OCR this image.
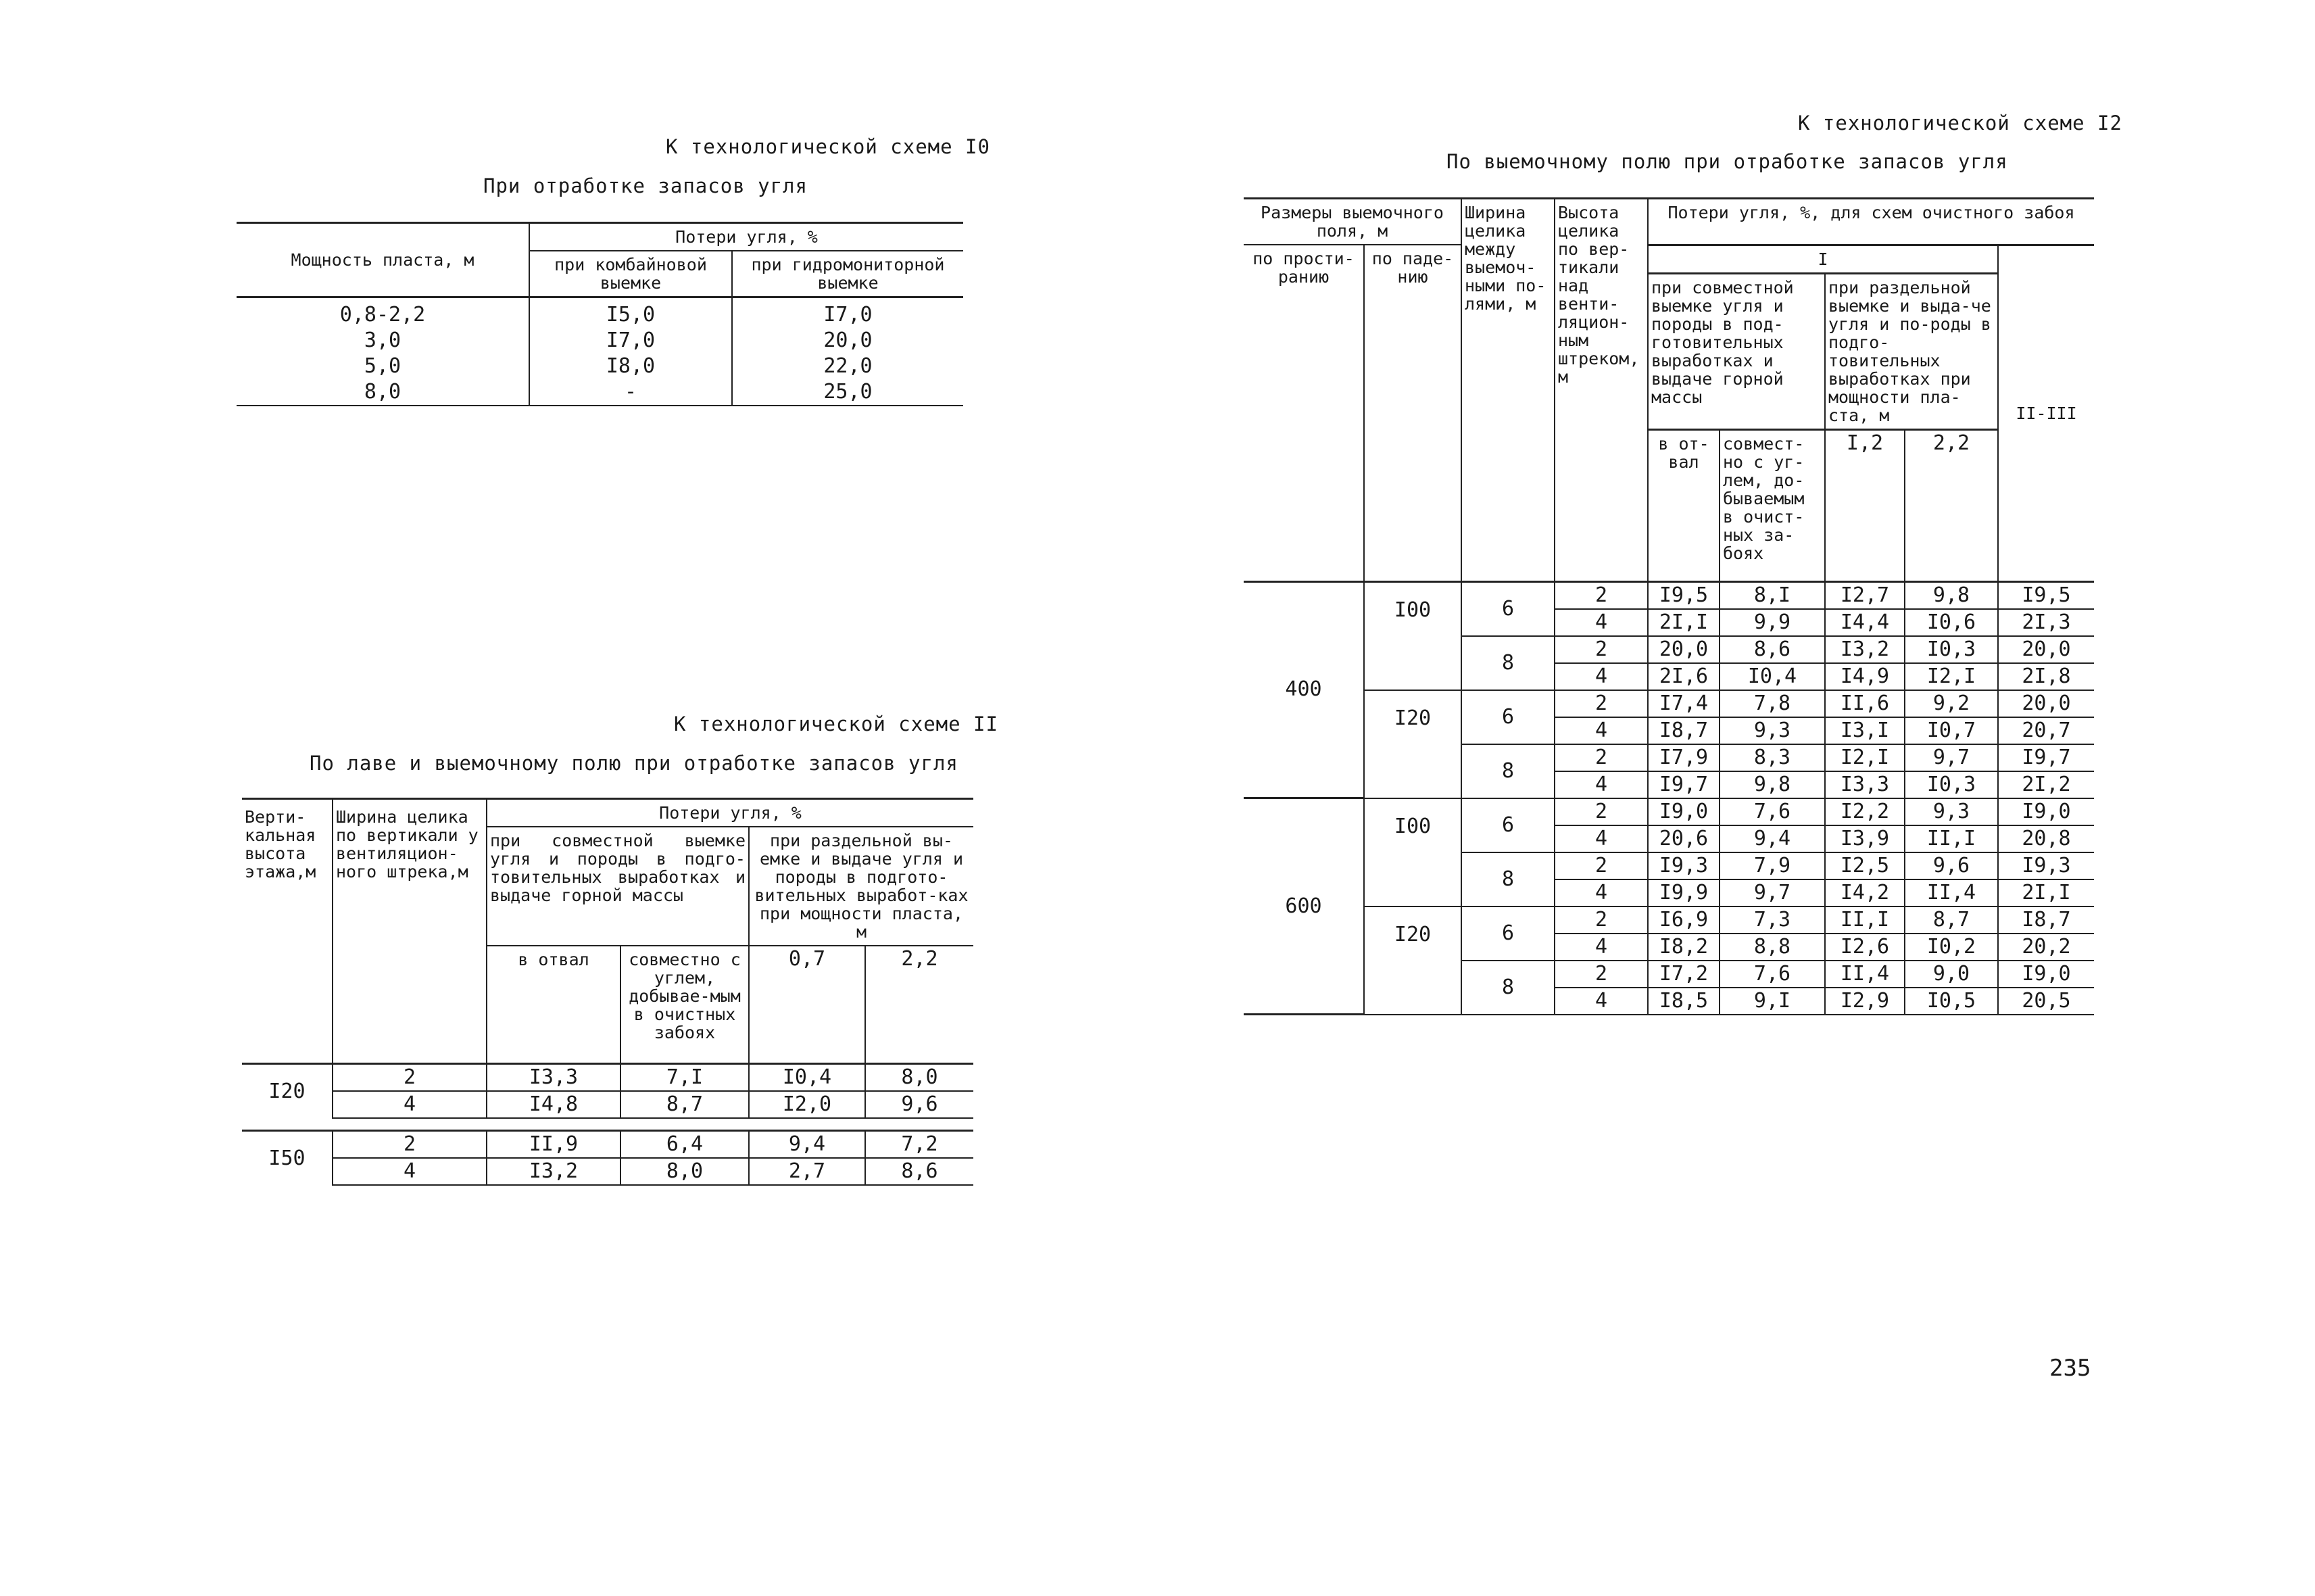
К технологической схеме I0
При отработке запасов угля
Мощность пласта, м	Потери угля, %	
	при комбайновой выемке	при гидромониторной выемке
0,8-2,2	I5,0	I7,0
3,0	I7,0	20,0
5,0	I8,0	22,0
8,0	-	25,0
К технологической схеме II
По лаве и выемочному полю при отработке запасов угля
Верти-кальная высота этажа,м	Ширина целика по вертикали у вентиляцион-ного штрека,м	Потери угля, %			
		при совместной выемке угля и породы в подго-товительных выработках и выдаче горной массы		при раздельной вы-емке и выдаче угля и породы в подгото-вительных выработ-ках при мощности пласта, м	
		в отвал	совместно с углем, добывае-мым в очистных забоях	0,7	2,2
I20	2	I3,3	7,I	I0,4	8,0
	4	I4,8	8,7	I2,0	9,6

I50	2	II,9	6,4	9,4	7,2
	4	I3,2	8,0	2,7	8,6
К технологической схеме I2
По выемочному полю при отработке запасов угля
Размеры выемочного поля, м		Ширина целика между выемоч-ными по-лями, м	Высота целика по вер-тикали над венти-ляцион-ным штреком, м	Потери угля, %, для схем очистного забоя				
по прости-ранию	по паде-нию			I				II-III
				при совместной выемке угля и породы в под-готовительных выработках и выдаче горной массы		при раздельной выемке и выда-че угля и по-роды в подго-товительных выработках при мощности пла-ста, м		
				в от-вал	совмест-но с уг-лем, до-бываемым в очист-ных за-боях	I,2	2,2	
400	I00	6	2	I9,5	8,I	I2,7	9,8	I9,5
			4	2I,I	9,9	I4,4	I0,6	2I,3
		8	2	20,0	8,6	I3,2	I0,3	20,0
			4	2I,6	I0,4	I4,9	I2,I	2I,8
	I20	6	2	I7,4	7,8	II,6	9,2	20,0
			4	I8,7	9,3	I3,I	I0,7	20,7
		8	2	I7,9	8,3	I2,I	9,7	I9,7
			4	I9,7	9,8	I3,3	I0,3	2I,2
600	I00	6	2	I9,0	7,6	I2,2	9,3	I9,0
			4	20,6	9,4	I3,9	II,I	20,8
		8	2	I9,3	7,9	I2,5	9,6	I9,3
			4	I9,9	9,7	I4,2	II,4	2I,I
	I20	6	2	I6,9	7,3	II,I	8,7	I8,7
			4	I8,2	8,8	I2,6	I0,2	20,2
		8	2	I7,2	7,6	II,4	9,0	I9,0
			4	I8,5	9,I	I2,9	I0,5	20,5
235
